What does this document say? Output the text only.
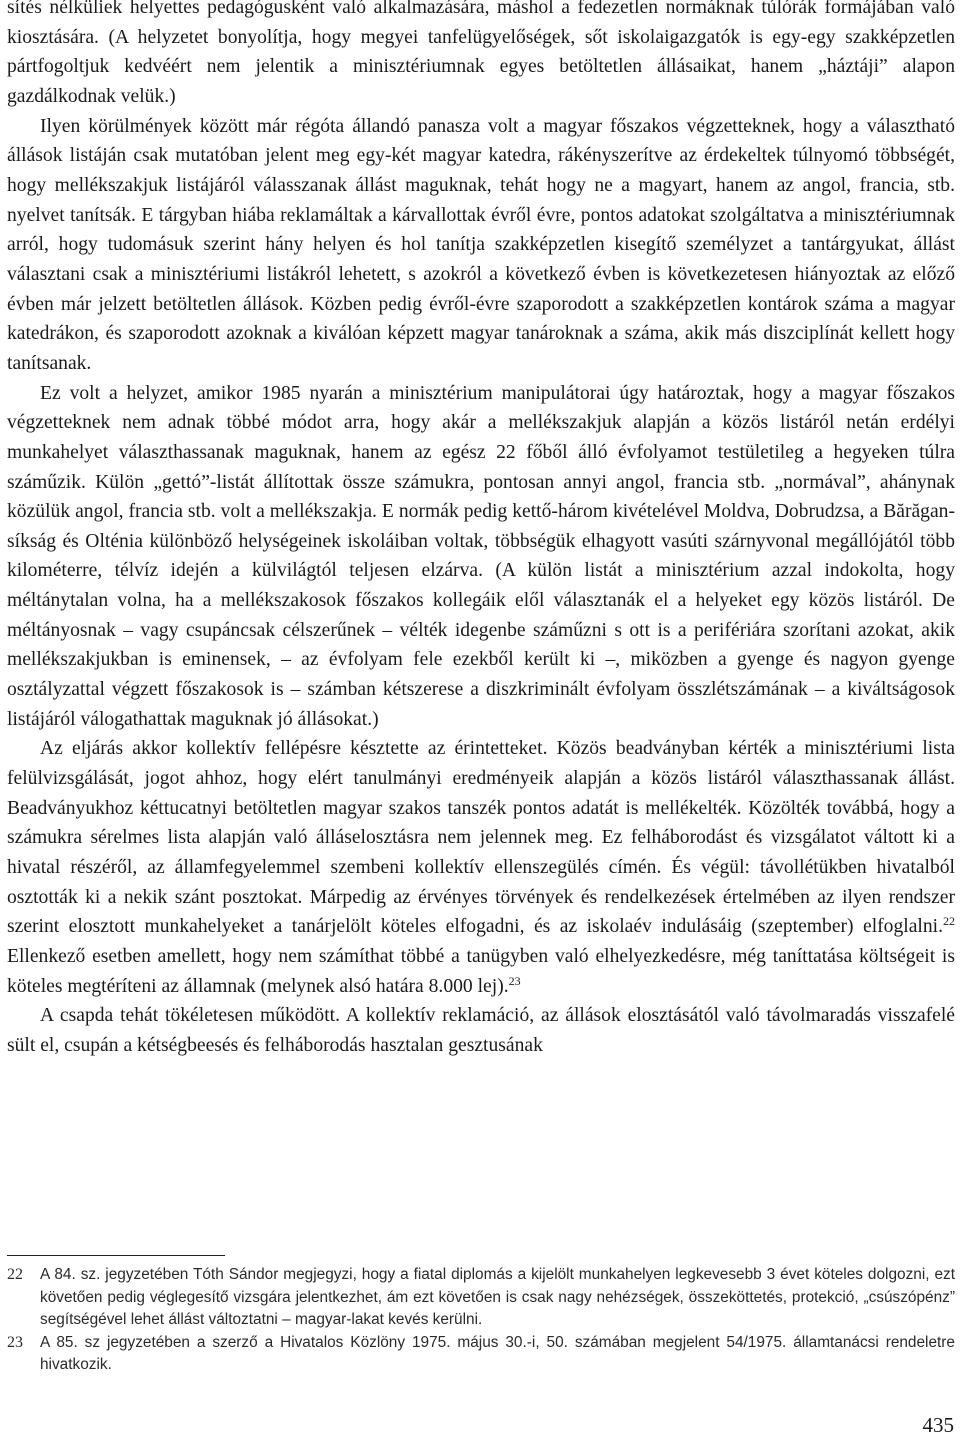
sítés nélküliek helyettes pedagógusként való alkalmazására, máshol a fedezetlen normáknak túlórák formájában való kiosztására. (A helyzetet bonyolítja, hogy megyei tanfelügyelőségek, sőt iskolaigazgatók is egy-egy szakképzetlen pártfogoltjuk kedvéért nem jelentik a minisztériumnak egyes betöltetlen állásaikat, hanem „háztáji” alapon gazdálkodnak velük.)

Ilyen körülmények között már régóta állandó panasza volt a magyar főszakos végzetteknek, hogy a választható állások listáján csak mutatóban jelent meg egy-két magyar katedra, rákényszerítve az érdekeltek túlnyomó többségét, hogy mellékszakjuk listájáról válasszanak állást maguknak, tehát hogy ne a magyart, hanem az angol, francia, stb. nyelvet tanítsák. E tárgyban hiába reklamáltak a kárvallottak évről évre, pontos adatokat szolgáltatva a minisztériumnak arról, hogy tudomásuk szerint hány helyen és hol tanítja szakképzetlen kisegítő személyzet a tantárgyukat, állást választani csak a minisztériumi listákról lehetett, s azokról a következő évben is következetesen hiányoztak az előző évben már jelzett betöltetlen állások. Közben pedig évről-évre szaporodott a szakképzetlen kontárok száma a magyar katedrákon, és szaporodott azoknak a kiválóan képzett magyar tanároknak a száma, akik más diszciplínát kellett hogy tanítsanak.

Ez volt a helyzet, amikor 1985 nyarán a minisztérium manipulátorai úgy határoztak, hogy a magyar főszakos végzetteknek nem adnak többé módot arra, hogy akár a mellékszakjuk alapján a közös listáról netán erdélyi munkahelyet választhassanak maguknak, hanem az egész 22 főből álló évfolyamot testületileg a hegyeken túlra száműzik. Külön „gettó”-listát állítottak össze számukra, pontosan annyi angol, francia stb. „normával”, ahánynak közülük angol, francia stb. volt a mellékszakja. E normák pedig kettő-három kivételével Moldva, Dobrudzsa, a Bărăgan-síkság és Olténia különböző helységeinek iskoláiban voltak, többségük elhagyott vasúti szárnyvonal megállójától több kilométerre, télvíz idején a külvilágtól teljesen elzárva. (A külön listát a minisztérium azzal indokolta, hogy méltánytalan volna, ha a mellékszakosok főszakos kollegáik elől választanák el a helyeket egy közös listáról. De méltányosnak – vagy csupáncsak célszerűnek – vélték idegenbe száműzni s ott is a perifériára szorítani azokat, akik mellékszakjukban is eminensek, – az évfolyam fele ezekből került ki –, miközben a gyenge és nagyon gyenge osztályzattal végzett főszakosok is – számban kétszerese a diszkriminált évfolyam összlétszámának – a kiváltságosok listájáról válogathattak maguknak jó állásokat.)

Az eljárás akkor kollektív fellépésre késztette az érintetteket. Közös beadványban kérték a minisztériumi lista felülvizsgálását, jogot ahhoz, hogy elért tanulmányi eredményeik alapján a közös listáról választhassanak állást. Beadványukhoz kéttucatnyi betöltetlen magyar szakos tanszék pontos adatát is mellékelték. Közölték továbbá, hogy a számukra sérelmes lista alapján való álláselosztásra nem jelennek meg. Ez felháborodást és vizsgálatot váltott ki a hivatal részéről, az államfegyelemmel szembeni kollektív ellenszegülés címén. És végül: távollétükben hivatalból osztották ki a nekik szánt posztokat. Márpedig az érvényes törvények és rendelkezések értelmében az ilyen rendszer szerint elosztott munkahelyeket a tanárjelölt köteles elfogadni, és az iskolaév indulásáig (szeptember) elfoglalni.$^{22}$ Ellenkező esetben amellett, hogy nem számíthat többé a tanügyben való elhelyezkedésre, még taníttatása költségeit is köteles megtéríteni az államnak (melynek alsó határa 8.000 lej).$^{23}$

A csapda tehát tökéletesen működött. A kollektív reklamáció, az állások elosztásától való távolmaradás visszafelé sült el, csupán a kétségbeesés és felháborodás hasztalan gesztusának

22	A 84. sz. jegyzetében Tóth Sándor megjegyzi, hogy a fiatal diplomás a kijelölt munkahelyen legkevesebb 3 évet köteles dolgozni, ezt követően pedig véglegesítő vizsgára jelentkezhet, ám ezt követően is csak nagy nehézségek, összeköttetés, protekció, „csúszópénz” segítségével lehet állást változtatni – magyar-lakat kevés kerülni.
23	A 85. sz jegyzetében a szerző a Hivatalos Közlöny 1975. május 30.-i, 50. számában megjelent 54/1975. államtanácsi rendeletre hivatkozik.
435
